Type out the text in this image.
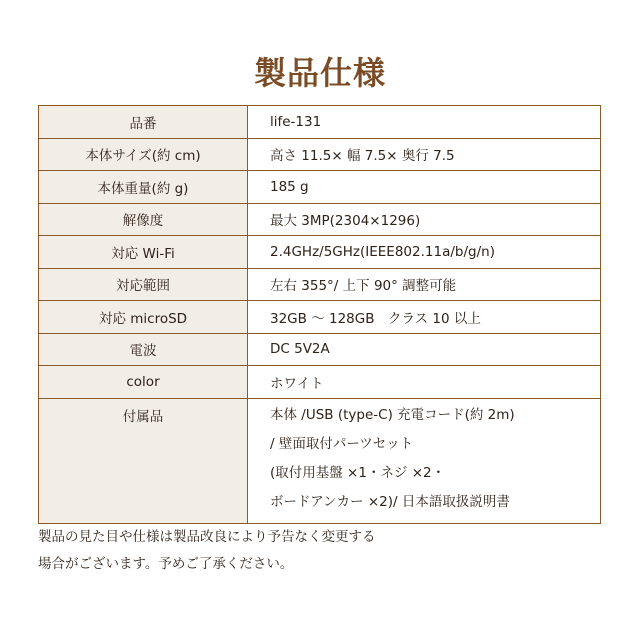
製品仕様
品番	life-131
本体サイズ(約 cm)	高さ 11.5× 幅 7.5× 奥行 7.5
本体重量(約 g)	185 g
解像度	最大 3MP(2304×1296)
対応 Wi-Fi	2.4GHz/5GHz(IEEE802.11a/b/g/n)
対応範囲	左右 355°/ 上下 90° 調整可能
対応 microSD	32GB ～ 128GB　クラス 10 以上
電波	DC 5V2A
color	ホワイト
付属品	本体 /USB (type-C) 充電コード(約 2m)
/ 壁面取付パーツセット
(取付用基盤 ×1・ネジ ×2・
ボードアンカー ×2)/ 日本語取扱説明書
製品の見た目や仕様は製品改良により予告なく変更する
場合がございます。予めご了承ください。
